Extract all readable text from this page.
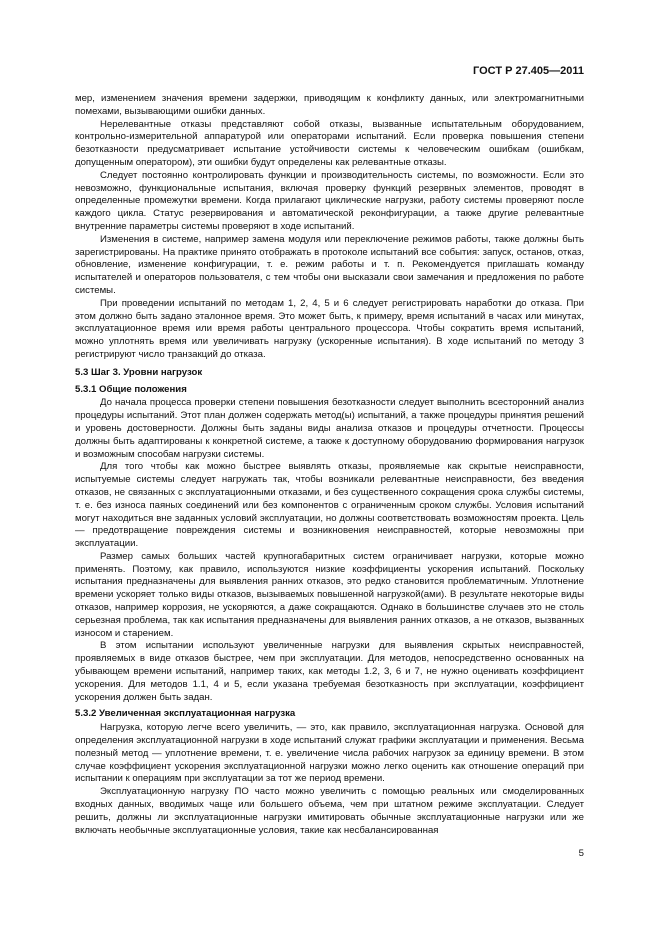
ГОСТ Р 27.405—2011

мер, изменением значения времени задержки, приводящим к конфликту данных, или электромагнитными помехами, вызывающими ошибки данных.

Нерелевантные отказы представляют собой отказы, вызванные испытательным оборудованием, контрольно-измерительной аппаратурой или операторами испытаний. Если проверка повышения степени безотказности предусматривает испытание устойчивости системы к человеческим ошибкам (ошибкам, допущенным оператором), эти ошибки будут определены как релевантные отказы.

Следует постоянно контролировать функции и производительность системы, по возможности. Если это невозможно, функциональные испытания, включая проверку функций резервных элементов, проводят в определенные промежутки времени. Когда прилагают циклические нагрузки, работу системы проверяют после каждого цикла. Статус резервирования и автоматической реконфигурации, а также другие релевантные внутренние параметры системы проверяют в ходе испытаний.

Изменения в системе, например замена модуля или переключение режимов работы, также должны быть зарегистрированы. На практике принято отображать в протоколе испытаний все события: запуск, останов, отказ, обновление, изменение конфигурации, т. е. режим работы и т. п. Рекомендуется приглашать команду испытателей и операторов пользователя, с тем чтобы они высказали свои замечания и предложения по работе системы.

При проведении испытаний по методам 1, 2, 4, 5 и 6 следует регистрировать наработки до отказа. При этом должно быть задано эталонное время. Это может быть, к примеру, время испытаний в часах или минутах, эксплуатационное время или время работы центрального процессора. Чтобы сократить время испытаний, можно уплотнять время или увеличивать нагрузку (ускоренные испытания). В ходе испытаний по методу 3 регистрируют число транзакций до отказа.

5.3 Шаг 3. Уровни нагрузок
5.3.1 Общие положения

До начала процесса проверки степени повышения безотказности следует выполнить всесторонний анализ процедуры испытаний. Этот план должен содержать метод(ы) испытаний, а также процедуры принятия решений и уровень достоверности. Должны быть заданы виды анализа отказов и процедуры отчетности. Процессы должны быть адаптированы к конкретной системе, а также к доступному оборудованию формирования нагрузок и возможным способам нагрузки системы.

Для того чтобы как можно быстрее выявлять отказы, проявляемые как скрытые неисправности, испытуемые системы следует нагружать так, чтобы возникали релевантные неисправности, без введения отказов, не связанных с эксплуатационными отказами, и без существенного сокращения срока службы системы, т. е. без износа паяных соединений или без компонентов с ограниченным сроком службы. Условия испытаний могут находиться вне заданных условий эксплуатации, но должны соответствовать возможностям проекта. Цель — предотвращение повреждения системы и возникновения неисправностей, которые невозможны при эксплуатации.

Размер самых больших частей крупногабаритных систем ограничивает нагрузки, которые можно применять. Поэтому, как правило, используются низкие коэффициенты ускорения испытаний. Поскольку испытания предназначены для выявления ранних отказов, это редко становится проблематичным. Уплотнение времени ускоряет только виды отказов, вызываемых повышенной нагрузкой(ами). В результате некоторые виды отказов, например коррозия, не ускоряются, а даже сокращаются. Однако в большинстве случаев это не столь серьезная проблема, так как испытания предназначены для выявления ранних отказов, а не отказов, вызванных износом и старением.

В этом испытании используют увеличенные нагрузки для выявления скрытых неисправностей, проявляемых в виде отказов быстрее, чем при эксплуатации. Для методов, непосредственно основанных на убывающем времени испытаний, например таких, как методы 1.2, 3, 6 и 7, не нужно оценивать коэффициент ускорения. Для методов 1.1, 4 и 5, если указана требуемая безотказность при эксплуатации, коэффициент ускорения должен быть задан.

5.3.2 Увеличенная эксплуатационная нагрузка

Нагрузка, которую легче всего увеличить, — это, как правило, эксплуатационная нагрузка. Основой для определения эксплуатационной нагрузки в ходе испытаний служат графики эксплуатации и применения. Весьма полезный метод — уплотнение времени, т. е. увеличение числа рабочих нагрузок за единицу времени. В этом случае коэффициент ускорения эксплуатационной нагрузки можно легко оценить как отношение операций при испытании к операциям при эксплуатации за тот же период времени.

Эксплуатационную нагрузку ПО часто можно увеличить с помощью реальных или смоделированных входных данных, вводимых чаще или большего объема, чем при штатном режиме эксплуатации. Следует решить, должны ли эксплуатационные нагрузки имитировать обычные эксплуатационные нагрузки или же включать необычные эксплуатационные условия, такие как несбалансированная

5
